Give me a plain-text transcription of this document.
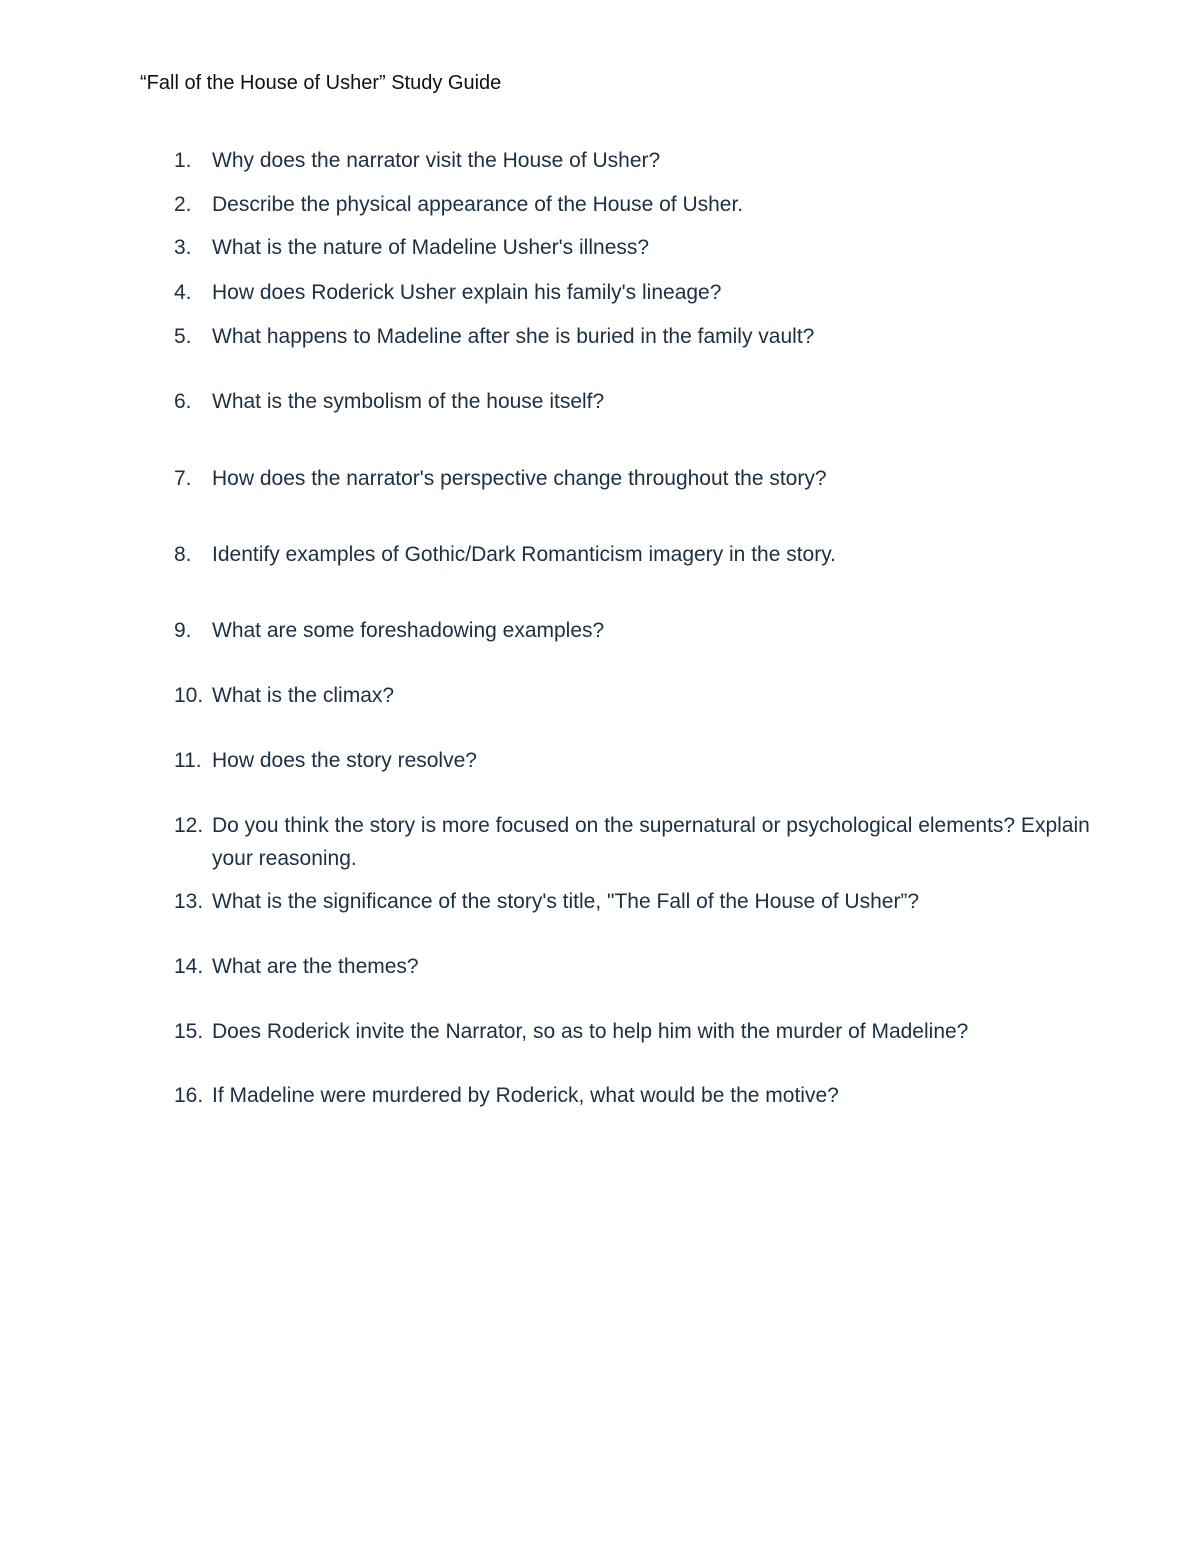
“Fall of the House of Usher” Study Guide
1. Why does the narrator visit the House of Usher?
2. Describe the physical appearance of the House of Usher.
3. What is the nature of Madeline Usher's illness?
4. How does Roderick Usher explain his family's lineage?
5. What happens to Madeline after she is buried in the family vault?
6. What is the symbolism of the house itself?
7. How does the narrator's perspective change throughout the story?
8. Identify examples of Gothic/Dark Romanticism imagery in the story.
9. What are some foreshadowing examples?
10. What is the climax?
11. How does the story resolve?
12. Do you think the story is more focused on the supernatural or psychological elements? Explain your reasoning.
13. What is the significance of the story's title, "The Fall of the House of Usher”?
14. What are the themes?
15. Does Roderick invite the Narrator, so as to help him with the murder of Madeline?
16. If Madeline were murdered by Roderick, what would be the motive?
